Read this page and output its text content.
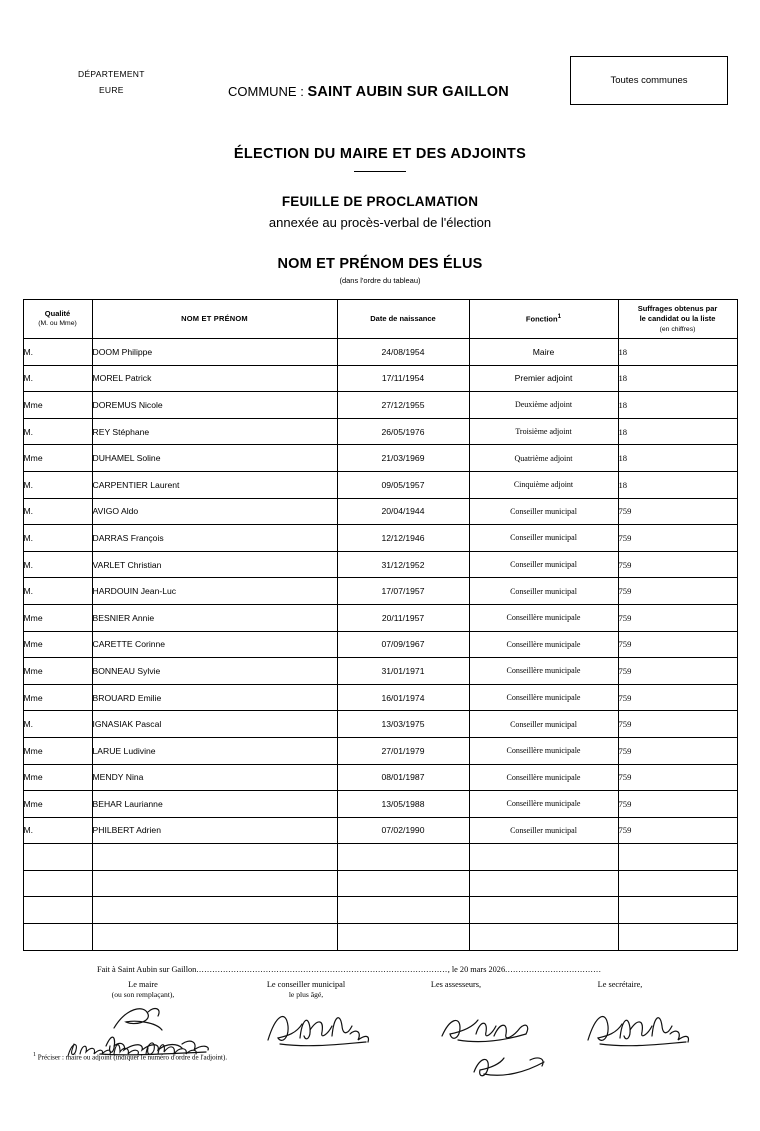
DÉPARTEMENT
EURE	COMMUNE : SAINT AUBIN SUR GAILLON
Toutes communes
ÉLECTION DU MAIRE ET DES ADJOINTS
FEUILLE DE PROCLAMATION
annexée au procès-verbal de l'élection
NOM ET PRÉNOM DES ÉLUS
(dans l'ordre du tableau)
Qualité
(M. ou Mme)	NOM ET PRÉNOM	Date de naissance	Fonction$^1$	Suffrages obtenus par
le candidat ou la liste

(en chiffres)

M.	DOOM Philippe	24/08/1954	Maire	18
M.	MOREL Patrick	17/11/1954	Premier adjoint	18
Mme	DOREMUS Nicole	27/12/1955	Deuxième adjoint	18
M.	REY Stéphane	26/05/1976	Troisième adjoint	18
Mme	DUHAMEL Soline	21/03/1969	Quatrième adjoint	18
M.	CARPENTIER Laurent	09/05/1957	Cinquième adjoint	18
M.	AVIGO Aldo	20/04/1944	Conseiller municipal	759
M.	DARRAS François	12/12/1946	Conseiller municipal	759
M.	VARLET Christian	31/12/1952	Conseiller municipal	759
M.	HARDOUIN Jean-Luc	17/07/1957	Conseiller municipal	759
Mme	BESNIER Annie	20/11/1957	Conseillère municipale	759
Mme	CARETTE Corinne	07/09/1967	Conseillère municipale	759
Mme	BONNEAU Sylvie	31/01/1971	Conseillère municipale	759
Mme	BROUARD Emilie	16/01/1974	Conseillère municipale	759
M.	IGNASIAK Pascal	13/03/1975	Conseiller municipal	759
Mme	LARUE Ludivine	27/01/1979	Conseillère municipale	759
Mme	MENDY Nina	08/01/1987	Conseillère municipale	759
Mme	BEHAR Laurianne	13/05/1988	Conseillère municipale	759
M.	PHILBERT Adrien	07/02/1990	Conseiller municipal	759

Fait à Saint Aubin sur Gaillon.............................................................................................., le 20 mars 2026....................................
Le maire
(ou son remplaçant),
Le conseiller municipal
le plus âgé,
Les assesseurs,	Le secrétaire,
$^1$ Préciser : maire ou adjoint (indiquer le numéro d'ordre de l'adjoint).
